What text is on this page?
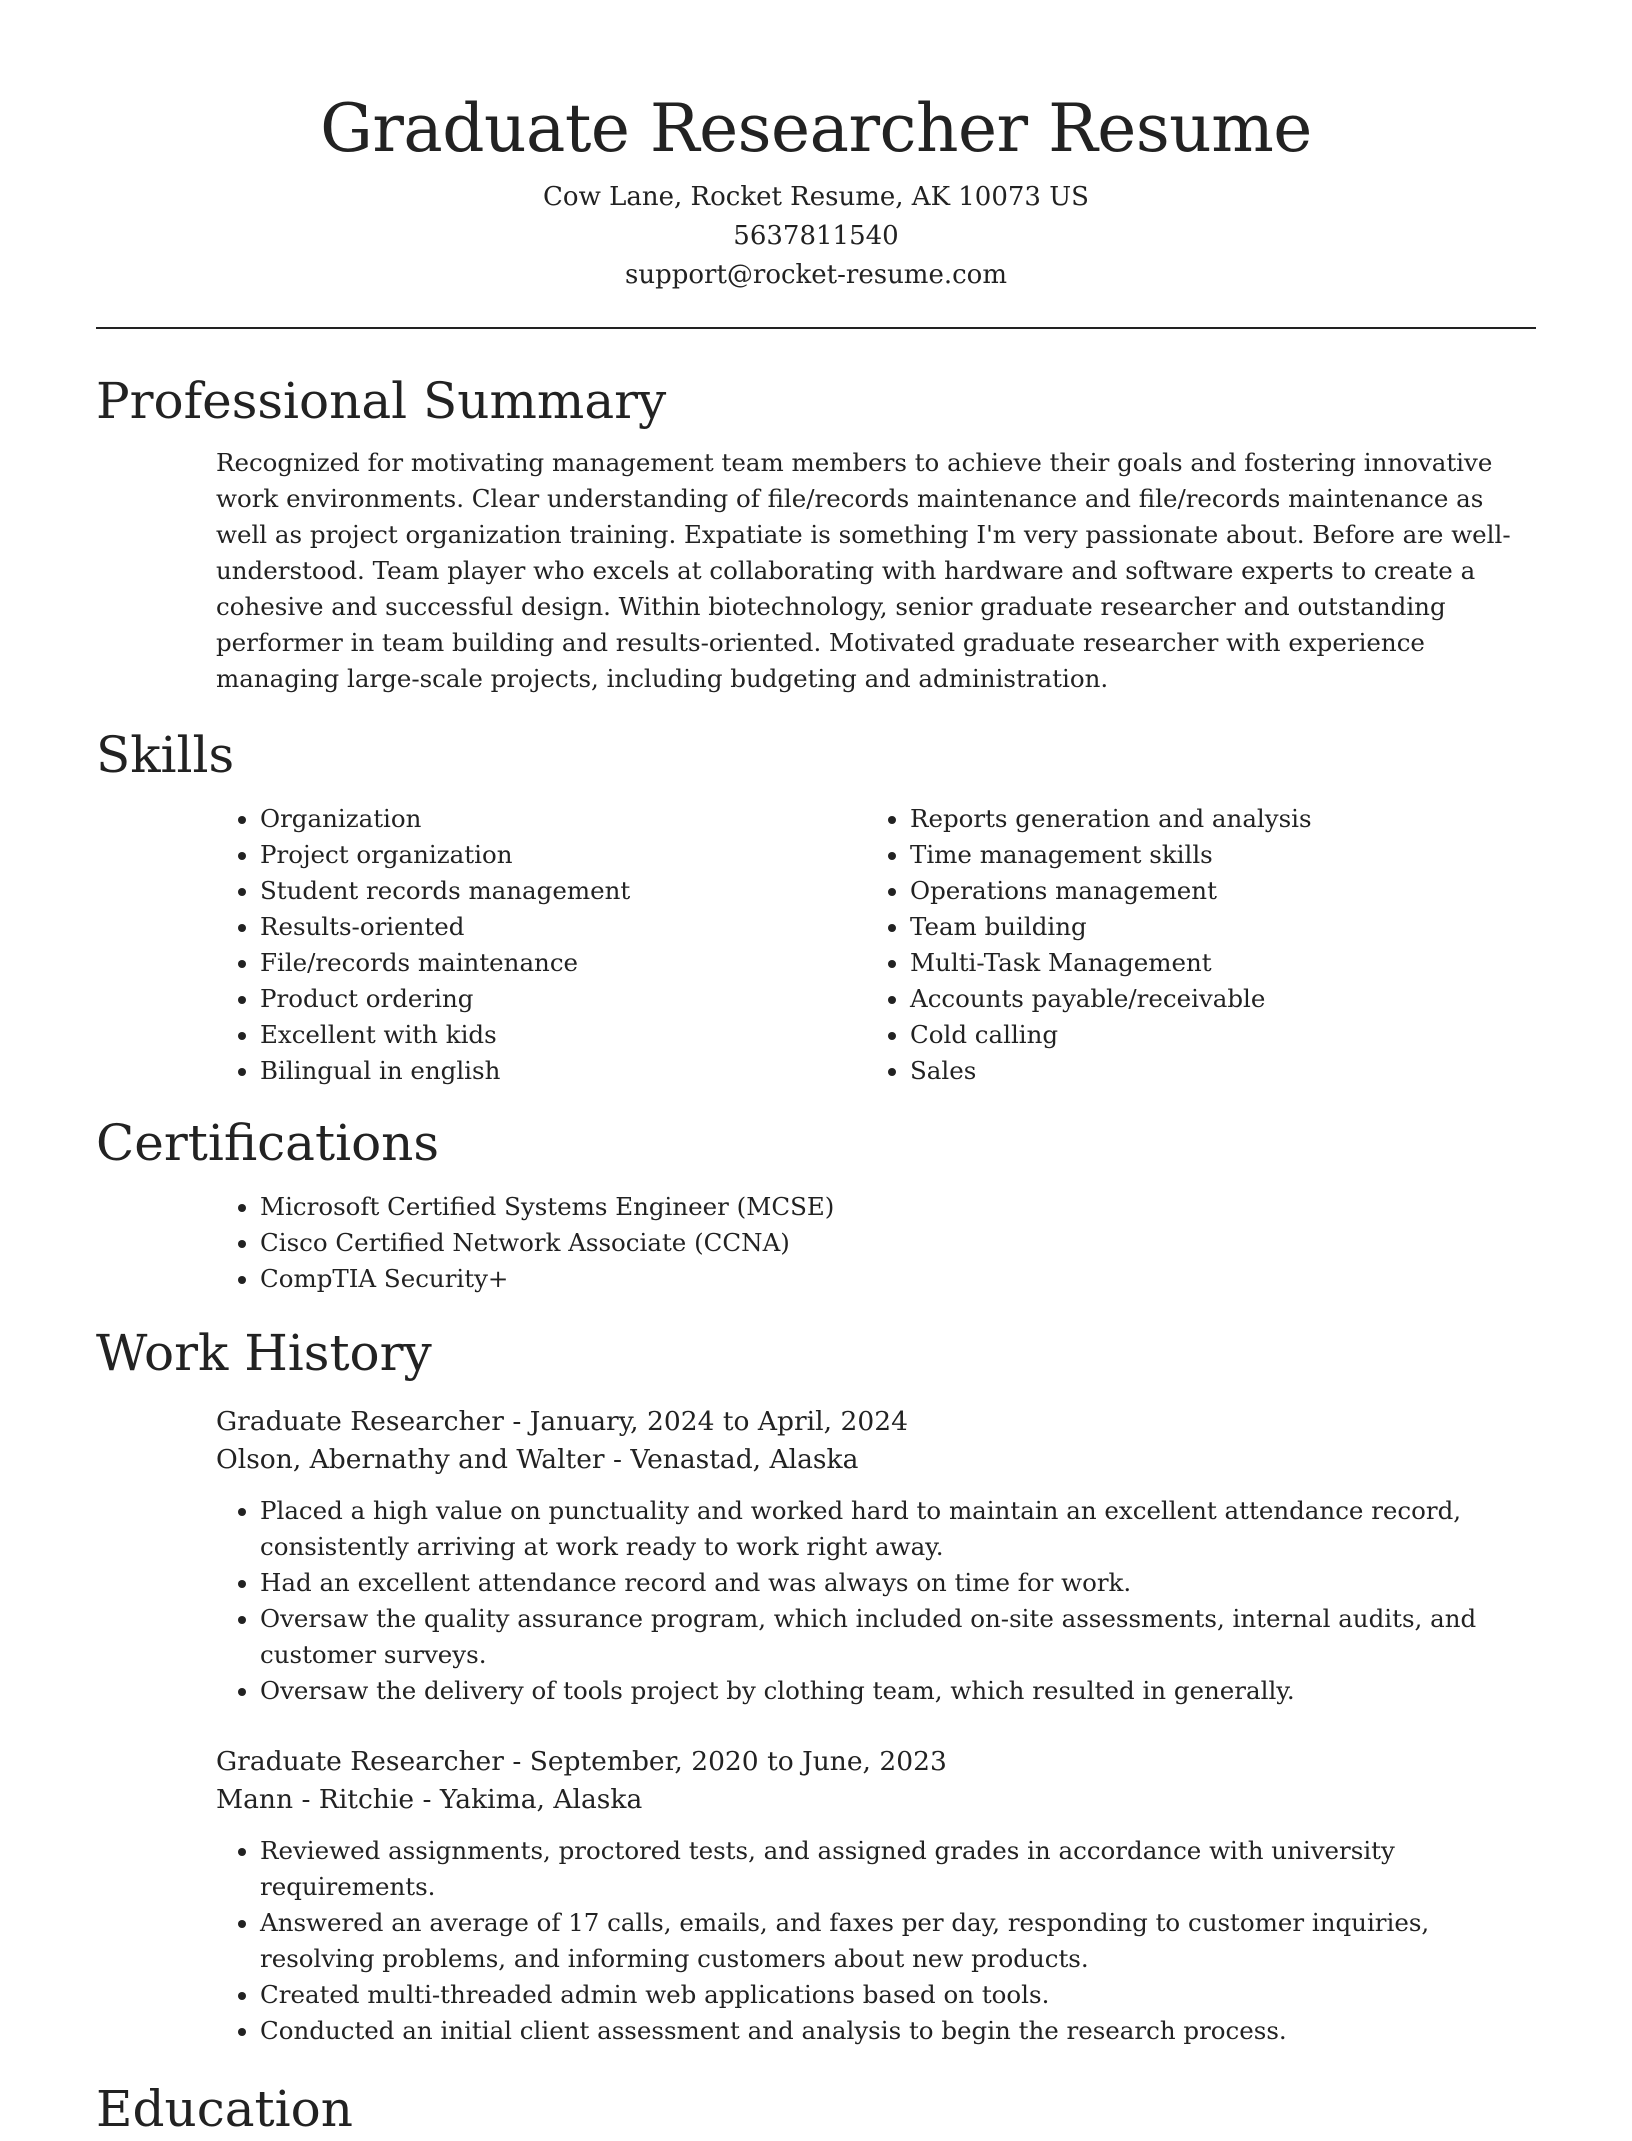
Graduate Researcher Resume
Cow Lane, Rocket Resume, AK 10073 US
5637811540
support@rocket-resume.com
Professional Summary

Recognized for motivating management team members to achieve their goals and fostering innovative work environments. Clear understanding of file/records maintenance and file/records maintenance as well as project organization training. Expatiate is something I'm very passionate about. Before are well-understood. Team player who excels at collaborating with hardware and software experts to create a cohesive and successful design. Within biotechnology, senior graduate researcher and outstanding performer in team building and results-oriented. Motivated graduate researcher with experience managing large-scale projects, including budgeting and administration.

Skills
• Organization
• Project organization
• Student records management
• Results-oriented
• File/records maintenance
• Product ordering
• Excellent with kids
• Bilingual in english
• Reports generation and analysis
• Time management skills
• Operations management
• Team building
• Multi-Task Management
• Accounts payable/receivable
• Cold calling
• Sales
Certifications
• Microsoft Certified Systems Engineer (MCSE)
• Cisco Certified Network Associate (CCNA)
• CompTIA Security+
Work History
Graduate Researcher - January, 2024 to April, 2024
Olson, Abernathy and Walter - Venastad, Alaska
• Placed a high value on punctuality and worked hard to maintain an excellent attendance record, consistently arriving at work ready to work right away.
• Had an excellent attendance record and was always on time for work.
• Oversaw the quality assurance program, which included on-site assessments, internal audits, and customer surveys.
• Oversaw the delivery of tools project by clothing team, which resulted in generally.
Graduate Researcher - September, 2020 to June, 2023
Mann - Ritchie - Yakima, Alaska
• Reviewed assignments, proctored tests, and assigned grades in accordance with university requirements.
• Answered an average of 17 calls, emails, and faxes per day, responding to customer inquiries, resolving problems, and informing customers about new products.
• Created multi-threaded admin web applications based on tools.
• Conducted an initial client assessment and analysis to begin the research process.
Education
